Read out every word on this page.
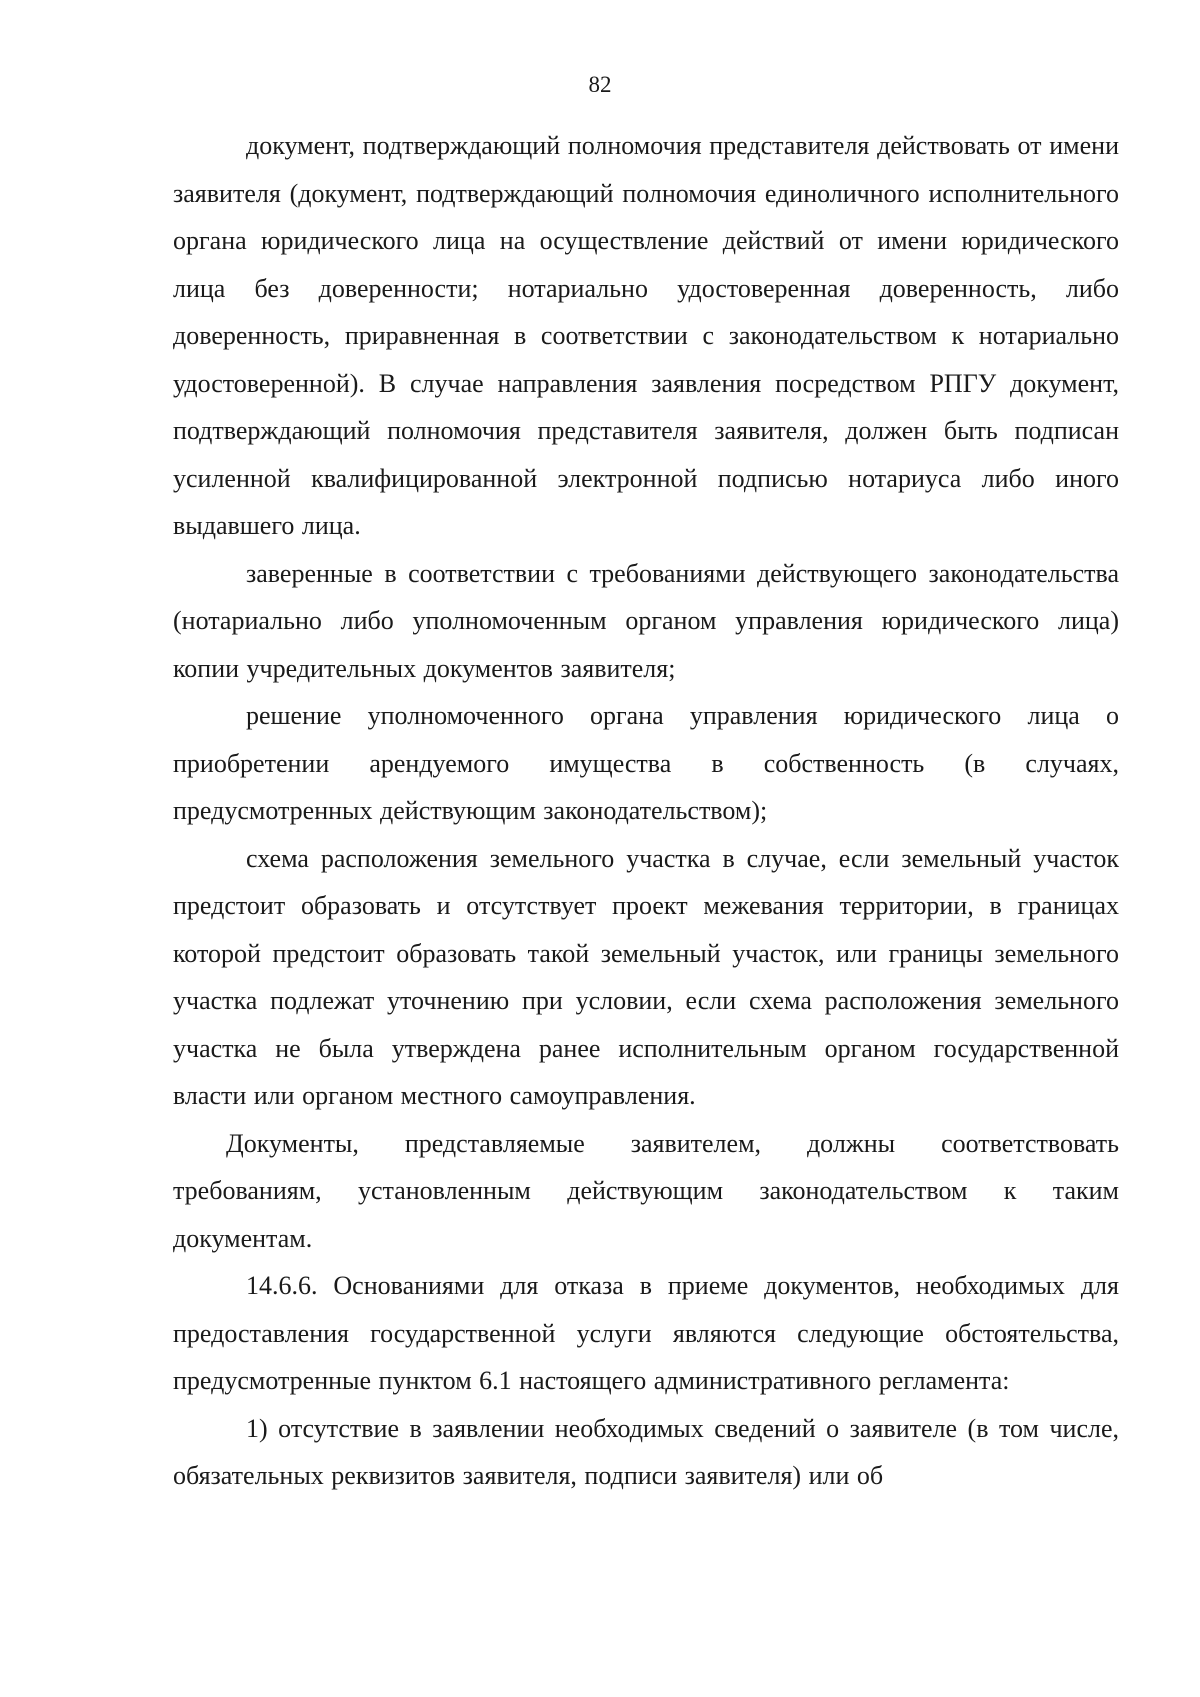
82

документ, подтверждающий полномочия представителя действовать от имени заявителя (документ, подтверждающий полномочия единоличного исполнительного органа юридического лица на осуществление действий от имени юридического лица без доверенности; нотариально удостоверенная доверенность, либо доверенность, приравненная в соответствии с законодательством к нотариально удостоверенной). В случае направления заявления посредством РПГУ документ, подтверждающий полномочия представителя заявителя, должен быть подписан усиленной квалифицированной электронной подписью нотариуса либо иного выдавшего лица.

заверенные в соответствии с требованиями действующего законодательства (нотариально либо уполномоченным органом управления юридического лица) копии учредительных документов заявителя;

решение уполномоченного органа управления юридического лица о приобретении арендуемого имущества в собственность (в случаях, предусмотренных действующим законодательством);

схема расположения земельного участка в случае, если земельный участок предстоит образовать и отсутствует проект межевания территории, в границах которой предстоит образовать такой земельный участок, или границы земельного участка подлежат уточнению при условии, если схема расположения земельного участка не была утверждена ранее исполнительным органом государственной власти или органом местного самоуправления.

Документы, представляемые заявителем, должны соответствовать требованиям, установленным действующим законодательством к таким документам.

14.6.6. Основаниями для отказа в приеме документов, необходимых для предоставления государственной услуги являются следующие обстоятельства, предусмотренные пунктом 6.1 настоящего административного регламента:

1) отсутствие в заявлении необходимых сведений о заявителе (в том числе, обязательных реквизитов заявителя, подписи заявителя) или об
